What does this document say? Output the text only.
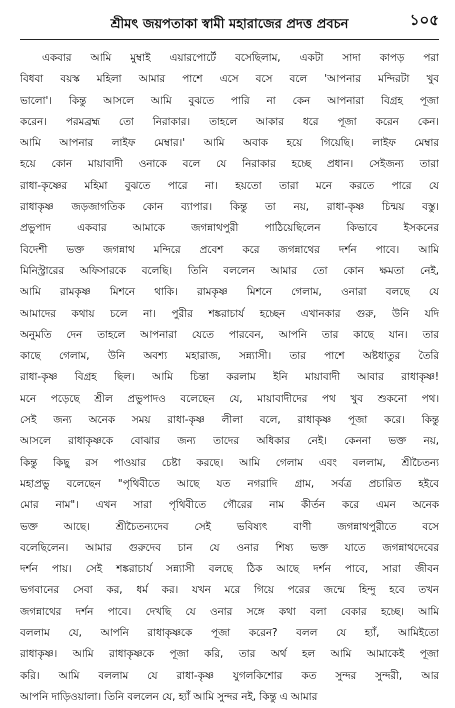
শ্রীমৎ জয়পতাকা স্বামী মহারাজের প্রদত্ত প্রবচন	১০৫
একবার আমি মুম্বাই এয়ারপোর্টে বসেছিলাম, একটা সাদা কাপড় পরা
বিধবা বয়স্ক মহিলা আমার পাশে এসে বসে বলে 'আপনার মন্দিরটা খুব
ভালো'। কিন্তু আসলে আমি বুঝতে পারি না কেন আপনারা বিগ্রহ পূজা
করেন। পরমব্রহ্ম তো নিরাকার। তাহলে আকার ধরে পূজা করেন কেন।
আমি আপনার লাইফ মেম্বার।' আমি অবাক হয়ে গিয়েছি। লাইফ মেম্বার
হয়ে কোন মায়াবাদী ওনাকে বলে যে নিরাকার হচ্ছে প্রধান। সেইজন্য তারা
রাধা-কৃষ্ণের মহিমা বুঝতে পারে না। হয়তো তারা মনে করতে পারে যে
রাধাকৃষ্ণ জড়জাগতিক কোন ব্যাপার। কিন্তু তা নয়, রাধা-কৃষ্ণ চিন্ময় বস্তু।
প্রভুপাদ একবার আমাকে জগন্নাথপুরী পাঠিয়েছিলেন কিভাবে ইসকনের
বিদেশী ভক্ত জগন্নাথ মন্দিরে প্রবেশ করে জগন্নাথের দর্শন পাবে। আমি
মিনিস্ট্রারের অফিসারকে বলেছি। তিনি বললেন আমার তো কোন ক্ষমতা নেই,
আমি রামকৃষ্ণ মিশনে থাকি। রামকৃষ্ণ মিশনে গেলাম, ওনারা বলছে যে
আমাদের কথায় চলে না। পুরীর শঙ্করাচার্য হচ্ছেন এখানকার গুরু, উনি যদি
অনুমতি দেন তাহলে আপনারা যেতে পারবেন, আপনি তার কাছে যান। তার
কাছে গেলাম, উনি অবশ্য মহারাজ, সন্ন্যাসী। তার পাশে অষ্টধাতুর তৈরি
রাধা-কৃষ্ণ বিগ্রহ ছিল। আমি চিন্তা করলাম ইনি মায়াবাদী আবার রাধাকৃষ্ণ!
মনে পড়েছে শ্রীল প্রভুপাদও বলেছেন যে, মায়াবাদীদের পথ খুব শুকনো পথ।
সেই জন্য অনেক সময় রাধা-কৃষ্ণ লীলা বলে, রাধাকৃষ্ণ পূজা করে। কিন্তু
আসলে রাধাকৃষ্ণকে বোঝার জন্য তাদের অধিকার নেই। কেননা ভক্ত নয়,
কিন্তু কিছু রস পাওয়ার চেষ্টা করছে। আমি গেলাম এবং বললাম, শ্রীচৈতন্য
মহাপ্রভু বলেছেন "পৃথিবীতে আছে যত নগরাদি গ্রাম, সর্বত্র প্রচারিত হইবে
মোর নাম"। এখন সারা পৃথিবীতে গৌরের নাম কীর্তন করে এমন অনেক
ভক্ত আছে। শ্রীচৈতন্যদেব সেই ভবিষ্যৎ বাণী জগন্নাথপুরীতে বসে
বলেছিলেন। আমার গুরুদেব চান যে ওনার শিষ্য ভক্ত যাতে জগন্নাথদেবের
দর্শন পায়। সেই শঙ্করাচার্য সন্ন্যাসী বলছে ঠিক আছে দর্শন পাবে, সারা জীবন
ভগবানের সেবা কর, ধর্ম কর। যখন মরে গিয়ে পরের জন্মে হিন্দু হবে তখন
জগন্নাথের দর্শন পাবে। দেখছি যে ওনার সঙ্গে কথা বলা বেকার হচ্ছে। আমি
বললাম যে, আপনি রাধাকৃষ্ণকে পূজা করেন? বলল যে হ্যাঁ, আমিইতো
রাধাকৃষ্ণ। আমি রাধাকৃষ্ণকে পূজা করি, তার অর্থ হল আমি আমাকেই পূজা
করি। আমি বললাম যে রাধা-কৃষ্ণ যুগলকিশোর কত সুন্দর সুন্দরী, আর
আপনি দাড়িওয়ালা। তিনি বললেন যে, হ্যাঁ আমি সুন্দর নই, কিন্তু এ আমার
